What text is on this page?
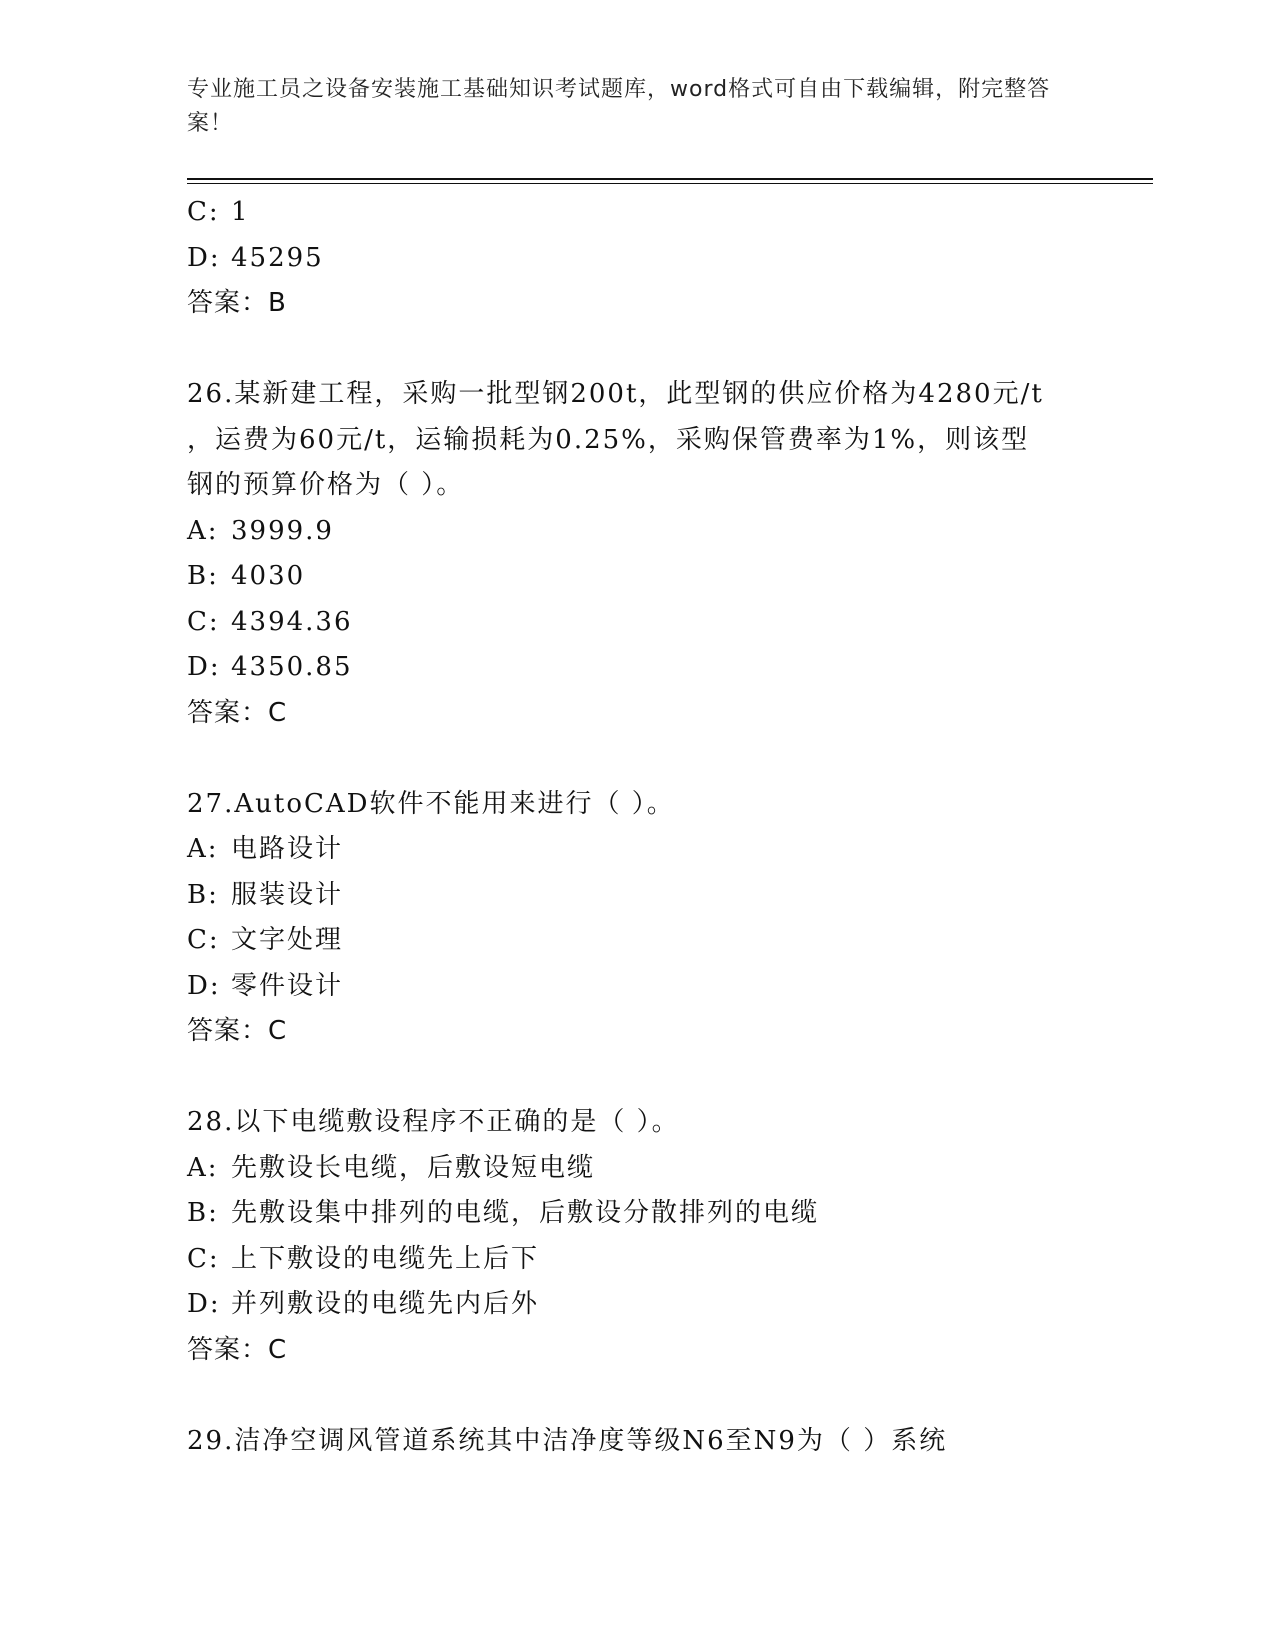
专业施工员之设备安装施工基础知识考试题库，word格式可自由下载编辑，附完整答案！
C: 1
D: 45295
答案：B
26.某新建工程，采购一批型钢200t，此型钢的供应价格为4280元/t
，运费为60元/t，运输损耗为0.25%，采购保管费率为1%，则该型
钢的预算价格为（ ）。
A: 3999.9
B: 4030
C: 4394.36
D: 4350.85
答案：C
27.AutoCAD软件不能用来进行（ ）。
A: 电路设计
B: 服装设计
C: 文字处理
D: 零件设计
答案：C
28.以下电缆敷设程序不正确的是（ ）。
A: 先敷设长电缆，后敷设短电缆
B: 先敷设集中排列的电缆，后敷设分散排列的电缆
C: 上下敷设的电缆先上后下
D: 并列敷设的电缆先内后外
答案：C
29.洁净空调风管道系统其中洁净度等级N6至N9为（ ）系统
